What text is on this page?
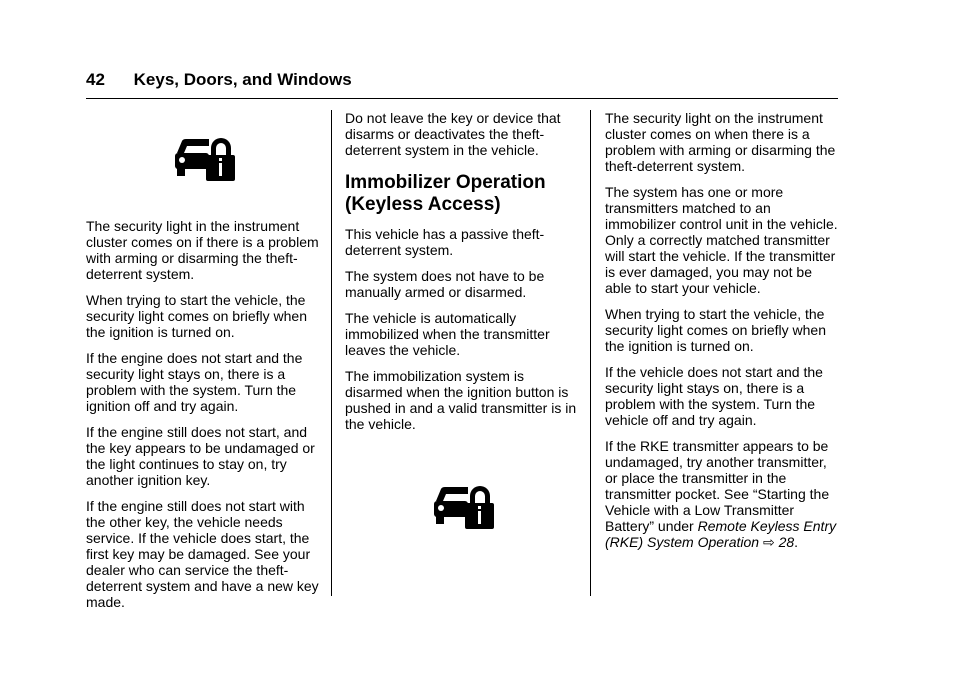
42 Keys, Doors, and Windows

The security light in the instrument cluster comes on if there is a problem with arming or disarming the theft-deterrent system.

When trying to start the vehicle, the security light comes on briefly when the ignition is turned on.

If the engine does not start and the security light stays on, there is a problem with the system. Turn the ignition off and try again.

If the engine still does not start, and the key appears to be undamaged or the light continues to stay on, try another ignition key.

If the engine still does not start with the other key, the vehicle needs service. If the vehicle does start, the first key may be damaged. See your dealer who can service the theft-deterrent system and have a new key made.

Do not leave the key or device that disarms or deactivates the theft-deterrent system in the vehicle.

Immobilizer Operation (Keyless Access)

This vehicle has a passive theft-deterrent system.

The system does not have to be manually armed or disarmed.

The vehicle is automatically immobilized when the transmitter leaves the vehicle.

The immobilization system is disarmed when the ignition button is pushed in and a valid transmitter is in the vehicle.

The security light on the instrument cluster comes on when there is a problem with arming or disarming the theft-deterrent system.

The system has one or more transmitters matched to an immobilizer control unit in the vehicle. Only a correctly matched transmitter will start the vehicle. If the transmitter is ever damaged, you may not be able to start your vehicle.

When trying to start the vehicle, the security light comes on briefly when the ignition is turned on.

If the vehicle does not start and the security light stays on, there is a problem with the system. Turn the vehicle off and try again.

If the RKE transmitter appears to be undamaged, try another transmitter, or place the transmitter in the transmitter pocket. See “Starting the Vehicle with a Low Transmitter Battery” under Remote Keyless Entry (RKE) System Operation ⇨ 28.
